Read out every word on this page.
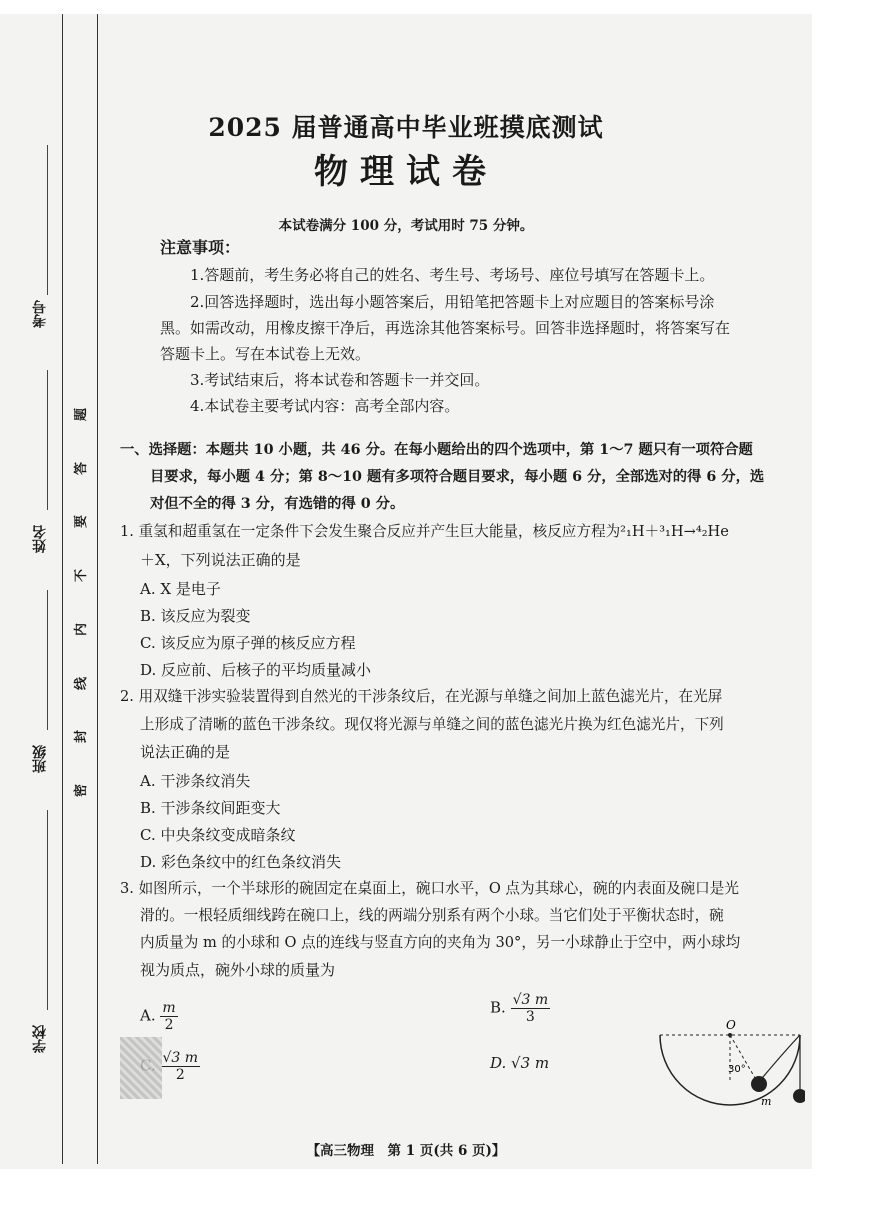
考号
姓名
班级
学校
题
答
要
不
内
线
封
密
2025 届普通高中毕业班摸底测试
物理试卷
本试卷满分 100 分，考试用时 75 分钟。
注意事项：
1.答题前，考生务必将自己的姓名、考生号、考场号、座位号填写在答题卡上。
2.回答选择题时，选出每小题答案后，用铅笔把答题卡上对应题目的答案标号涂
黑。如需改动，用橡皮擦干净后，再选涂其他答案标号。回答非选择题时，将答案写在
答题卡上。写在本试卷上无效。
3.考试结束后，将本试卷和答题卡一并交回。
4.本试卷主要考试内容：高考全部内容。
一、选择题：本题共 10 小题，共 46 分。在每小题给出的四个选项中，第 1～7 题只有一项符合题
目要求，每小题 4 分；第 8～10 题有多项符合题目要求，每小题 6 分，全部选对的得 6 分，选
对但不全的得 3 分，有选错的得 0 分。
1. 重氢和超重氢在一定条件下会发生聚合反应并产生巨大能量，核反应方程为²₁H＋³₁H→⁴₂He
＋X，下列说法正确的是
A. X 是电子
B. 该反应为裂变
C. 该反应为原子弹的核反应方程
D. 反应前、后核子的平均质量减小
2. 用双缝干涉实验装置得到自然光的干涉条纹后，在光源与单缝之间加上蓝色滤光片，在光屏
上形成了清晰的蓝色干涉条纹。现仅将光源与单缝之间的蓝色滤光片换为红色滤光片，下列
说法正确的是
A. 干涉条纹消失
B. 干涉条纹间距变大
C. 中央条纹变成暗条纹
D. 彩色条纹中的红色条纹消失
3. 如图所示，一个半球形的碗固定在桌面上，碗口水平，O 点为其球心，碗的内表面及碗口是光
滑的。一根轻质细线跨在碗口上，线的两端分别系有两个小球。当它们处于平衡状态时，碗
内质量为 m 的小球和 O 点的连线与竖直方向的夹角为 30°，另一小球静止于空中，两小球均
视为质点，碗外小球的质量为
A. $\frac{m}{2}$	B. $\frac{√3 m}{3}$
$\frac{√3 m}{2}$	D. √3 m
O
30°
m
【高三物理　第 1 页(共 6 页)】
